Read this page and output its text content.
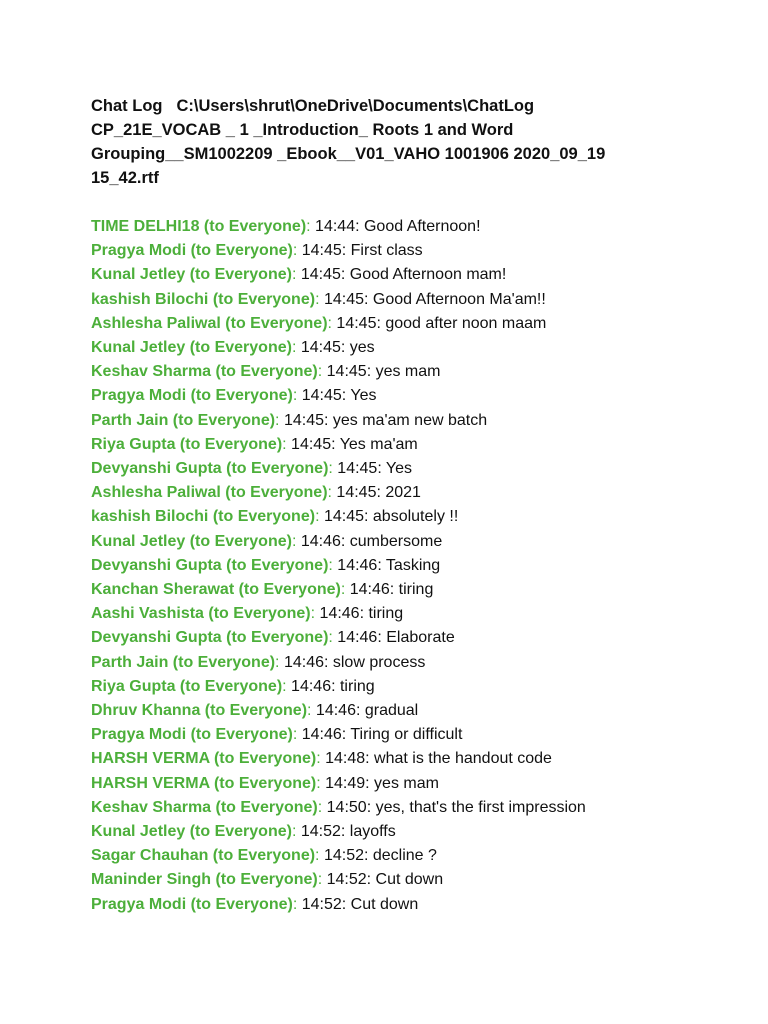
Chat Log C:\Users\shrut\OneDrive\Documents\ChatLog
CP_21E_VOCAB _ 1 _Introduction_ Roots 1 and Word
Grouping__SM1002209 _Ebook__V01_VAHO 1001906 2020_09_19
15_42.rtf
TIME DELHI18 (to Everyone): 14:44: Good Afternoon!
Pragya Modi (to Everyone): 14:45: First class
Kunal Jetley (to Everyone): 14:45: Good Afternoon mam!
kashish Bilochi (to Everyone): 14:45: Good Afternoon Ma'am!!
Ashlesha Paliwal (to Everyone): 14:45: good after noon maam
Kunal Jetley (to Everyone): 14:45: yes
Keshav Sharma (to Everyone): 14:45: yes mam
Pragya Modi (to Everyone): 14:45: Yes
Parth Jain (to Everyone): 14:45: yes ma'am new batch
Riya Gupta (to Everyone): 14:45: Yes ma'am
Devyanshi Gupta (to Everyone): 14:45: Yes
Ashlesha Paliwal (to Everyone): 14:45: 2021
kashish Bilochi (to Everyone): 14:45: absolutely !!
Kunal Jetley (to Everyone): 14:46: cumbersome
Devyanshi Gupta (to Everyone): 14:46: Tasking
Kanchan Sherawat (to Everyone): 14:46: tiring
Aashi Vashista (to Everyone): 14:46: tiring
Devyanshi Gupta (to Everyone): 14:46: Elaborate
Parth Jain (to Everyone): 14:46: slow process
Riya Gupta (to Everyone): 14:46: tiring
Dhruv Khanna (to Everyone): 14:46: gradual
Pragya Modi (to Everyone): 14:46: Tiring or difficult
HARSH VERMA (to Everyone): 14:48: what is the handout code
HARSH VERMA (to Everyone): 14:49: yes mam
Keshav Sharma (to Everyone): 14:50: yes, that's the first impression
Kunal Jetley (to Everyone): 14:52: layoffs
Sagar Chauhan (to Everyone): 14:52: decline ?
Maninder Singh (to Everyone): 14:52: Cut down
Pragya Modi (to Everyone): 14:52: Cut down
